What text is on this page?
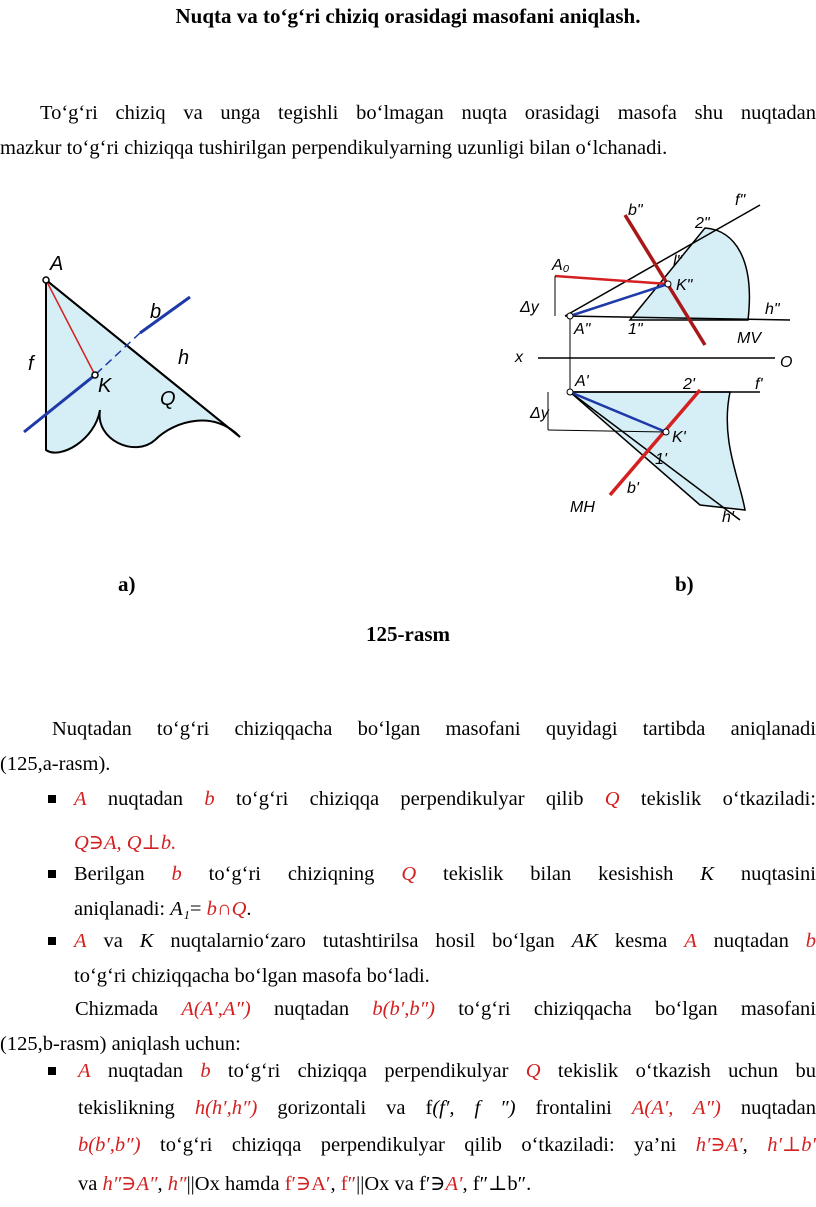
Nuqta va to‘g‘ri chiziq orasidagi masofani aniqlash.
To‘g‘ri chiziq va unga tegishli bo‘lmagan nuqta orasidagi masofa shu nuqtadan
mazkur to‘g‘ri chiziqqa tushirilgan perpendikulyarning uzunligi bilan o‘lchanadi.
A
b
f	h
K
Q
b"
f"
2"
A₀	l"
K"
Δy
A" 1"
h"
MV
x	O
A'	2'	f'
Δy
K'
1'
b'
MH
h'
a)	b)
125-rasm
Nuqtadan to‘g‘ri chiziqqacha bo‘lgan masofani quyidagi tartibda aniqlanadi
(125,a-rasm).
A nuqtadan b to‘g‘ri chiziqqa perpendikulyar qilib Q tekislik o‘tkaziladi:
Q∋A, Q⊥b.
Berilgan b to‘g‘ri chiziqning Q tekislik bilan kesishish K nuqtasini
aniqlanadi: A₁= b∩Q.
A va K nuqtalarnio‘zaro tutashtirilsa hosil bo‘lgan AK kesma A nuqtadan b
to‘g‘ri chiziqqacha bo‘lgan masofa bo‘ladi.
Chizmada A(A′,A″) nuqtadan b(b′,b″) to‘g‘ri chiziqqacha bo‘lgan masofani
(125,b-rasm) aniqlash uchun:
A nuqtadan b to‘g‘ri chiziqqa perpendikulyar Q tekislik o‘tkazish uchun bu
tekislikning h(h′,h″) gorizontali va f(f′, f ″) frontalini A(A′, A″) nuqtadan
b(b′,b″) to‘g‘ri chiziqqa perpendikulyar qilib o‘tkaziladi: ya’ni h′∋A′, h′⊥b′
va h″∋A″, h″||Ox hamda f′∋A′, f″||Ox va f′∋A′, f″⊥b″.
